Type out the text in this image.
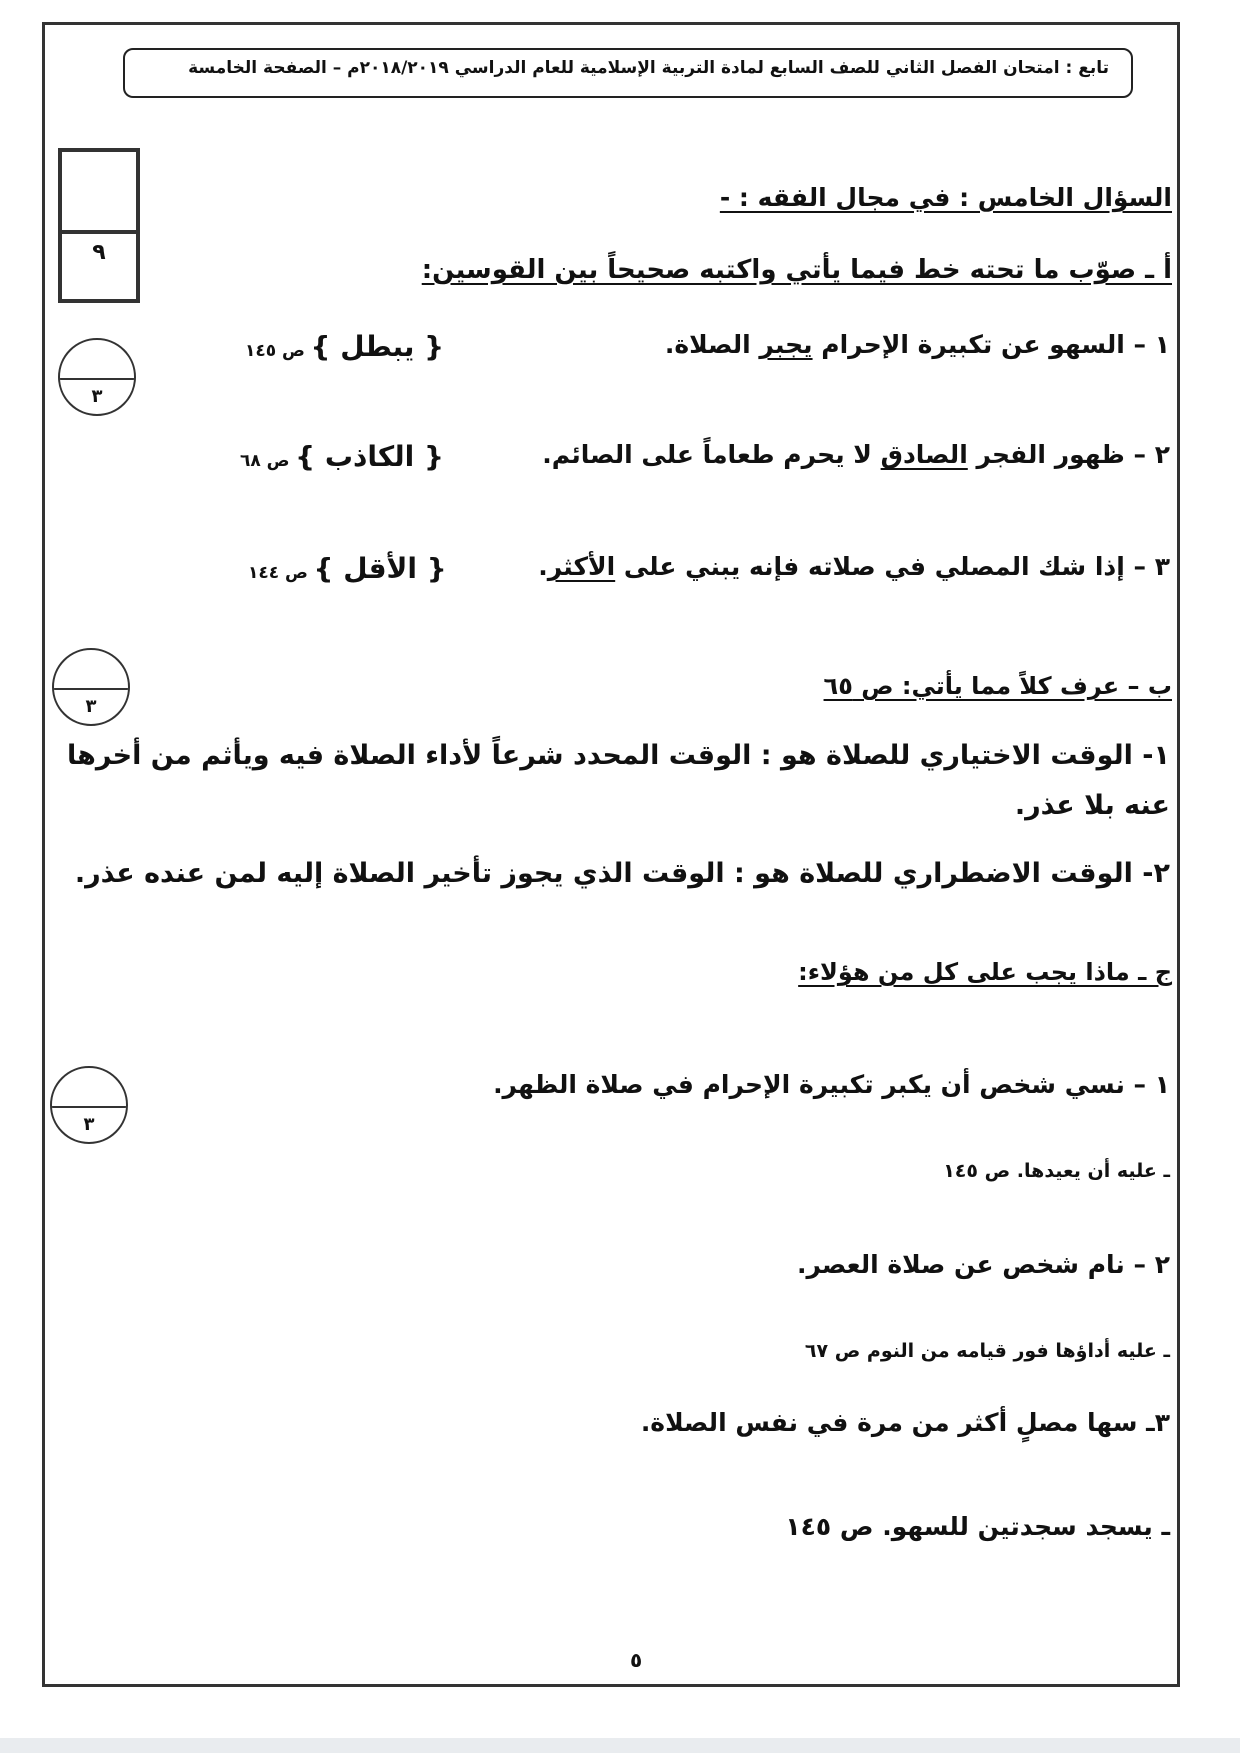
تابع : امتحان الفصل الثاني للصف السابع لمادة التربية الإسلامية للعام الدراسي ٢٠١٨/٢٠١٩م – الصفحة الخامسة
٩
٣
٣
٣
السؤال الخامس : في مجال الفقه : -
أ ـ صوّب ما تحته خط فيما يأتي واكتبه صحيحاً بين القوسين:
١ – السهو عن تكبيرة الإحرام يجبر الصلاة.
{ يبطل } ص ١٤٥
٢ – ظهور الفجر الصادق لا يحرم طعاماً على الصائم.
{ الكاذب } ص ٦٨
٣ – إذا شك المصلي في صلاته فإنه يبني على الأكثر.
{ الأقل } ص ١٤٤
ب – عرف كلاً مما يأتي: ص ٦٥
١- الوقت الاختياري للصلاة هو : الوقت المحدد شرعاً لأداء الصلاة فيه ويأثم من أخرها
عنه بلا عذر.
٢- الوقت الاضطراري للصلاة هو : الوقت الذي يجوز تأخير الصلاة إليه لمن عنده عذر.
ج ـ ماذا يجب على كل من هؤلاء:
١ – نسي شخص أن يكبر تكبيرة الإحرام في صلاة الظهر.
ـ عليه أن يعيدها. ص ١٤٥
٢ – نام شخص عن صلاة العصر.
ـ عليه أداؤها فور قيامه من النوم ص ٦٧
٣ـ سها مصلٍ أكثر من مرة في نفس الصلاة.
ـ يسجد سجدتين للسهو. ص ١٤٥
٥
